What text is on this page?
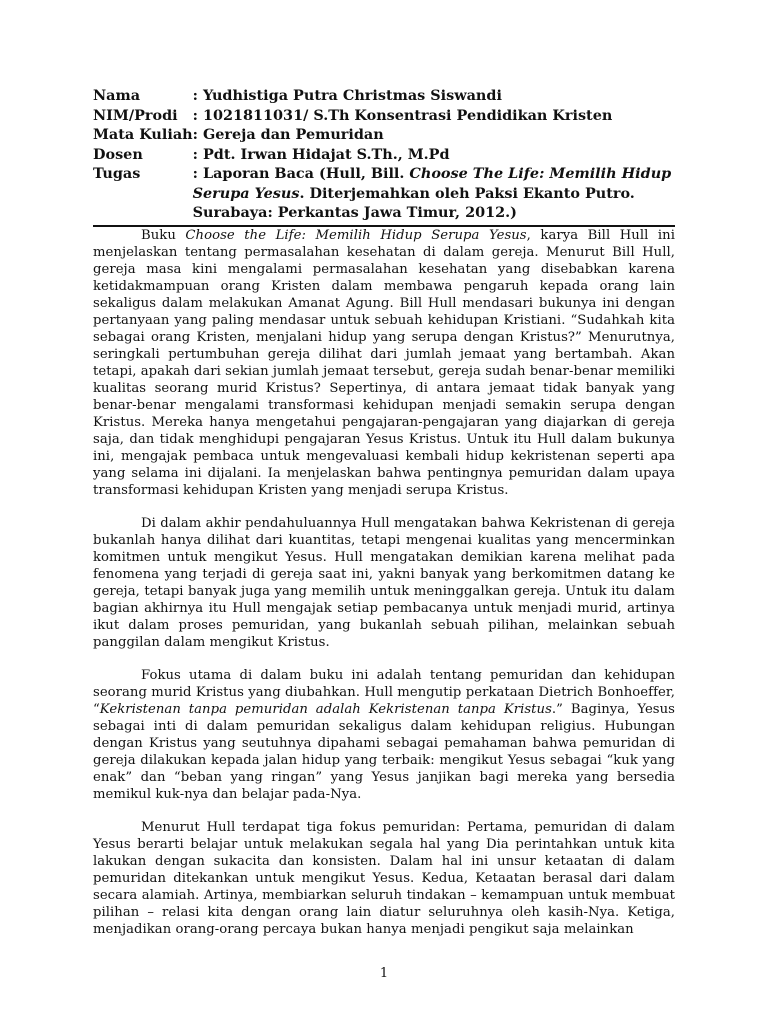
Nama	: Yudhistiga Putra Christmas Siswandi
NIM/Prodi	: 1021811031/ S.Th Konsentrasi Pendidikan Kristen
Mata Kuliah	: Gereja dan Pemuridan
Dosen	: Pdt. Irwan Hidajat S.Th., M.Pd
Tugas	: Laporan Baca (Hull, Bill. Choose The Life: Memilih Hidup Serupa Yesus. Diterjemahkan oleh Paksi Ekanto Putro. Surabaya: Perkantas Jawa Timur, 2012.)

Buku Choose the Life: Memilih Hidup Serupa Yesus, karya Bill Hull ini menjelaskan tentang permasalahan kesehatan di dalam gereja. Menurut Bill Hull, gereja masa kini mengalami permasalahan kesehatan yang disebabkan karena ketidakmampuan orang Kristen dalam membawa pengaruh kepada orang lain sekaligus dalam melakukan Amanat Agung. Bill Hull mendasari bukunya ini dengan pertanyaan yang paling mendasar untuk sebuah kehidupan Kristiani. “Sudahkah kita sebagai orang Kristen, menjalani hidup yang serupa dengan Kristus?” Menurutnya, seringkali pertumbuhan gereja dilihat dari jumlah jemaat yang bertambah. Akan tetapi, apakah dari sekian jumlah jemaat tersebut, gereja sudah benar-benar memiliki kualitas seorang murid Kristus? Sepertinya, di antara jemaat tidak banyak yang benar-benar mengalami transformasi kehidupan menjadi semakin serupa dengan Kristus. Mereka hanya mengetahui pengajaran-pengajaran yang diajarkan di gereja saja, dan tidak menghidupi pengajaran Yesus Kristus. Untuk itu Hull dalam bukunya ini, mengajak pembaca untuk mengevaluasi kembali hidup kekristenan seperti apa yang selama ini dijalani. Ia menjelaskan bahwa pentingnya pemuridan dalam upaya transformasi kehidupan Kristen yang menjadi serupa Kristus.

Di dalam akhir pendahuluannya Hull mengatakan bahwa Kekristenan di gereja bukanlah hanya dilihat dari kuantitas, tetapi mengenai kualitas yang mencerminkan komitmen untuk mengikut Yesus. Hull mengatakan demikian karena melihat pada fenomena yang terjadi di gereja saat ini, yakni banyak yang berkomitmen datang ke gereja, tetapi banyak juga yang memilih untuk meninggalkan gereja. Untuk itu dalam bagian akhirnya itu Hull mengajak setiap pembacanya untuk menjadi murid, artinya ikut dalam proses pemuridan, yang bukanlah sebuah pilihan, melainkan sebuah panggilan dalam mengikut Kristus.

Fokus utama di dalam buku ini adalah tentang pemuridan dan kehidupan seorang murid Kristus yang diubahkan. Hull mengutip perkataan Dietrich Bonhoeffer, “Kekristenan tanpa pemuridan adalah Kekristenan tanpa Kristus.” Baginya, Yesus sebagai inti di dalam pemuridan sekaligus dalam kehidupan religius. Hubungan dengan Kristus yang seutuhnya dipahami sebagai pemahaman bahwa pemuridan di gereja dilakukan kepada jalan hidup yang terbaik: mengikut Yesus sebagai “kuk yang enak” dan “beban yang ringan” yang Yesus janjikan bagi mereka yang bersedia memikul kuk-nya dan belajar pada-Nya.

Menurut Hull terdapat tiga fokus pemuridan: Pertama, pemuridan di dalam Yesus berarti belajar untuk melakukan segala hal yang Dia perintahkan untuk kita lakukan dengan sukacita dan konsisten. Dalam hal ini unsur ketaatan di dalam pemuridan ditekankan untuk mengikut Yesus. Kedua, Ketaatan berasal dari dalam secara alamiah. Artinya, membiarkan seluruh tindakan – kemampuan untuk membuat pilihan – relasi kita dengan orang lain diatur seluruhnya oleh kasih-Nya. Ketiga, menjadikan orang-orang percaya bukan hanya menjadi pengikut saja melainkan

1
